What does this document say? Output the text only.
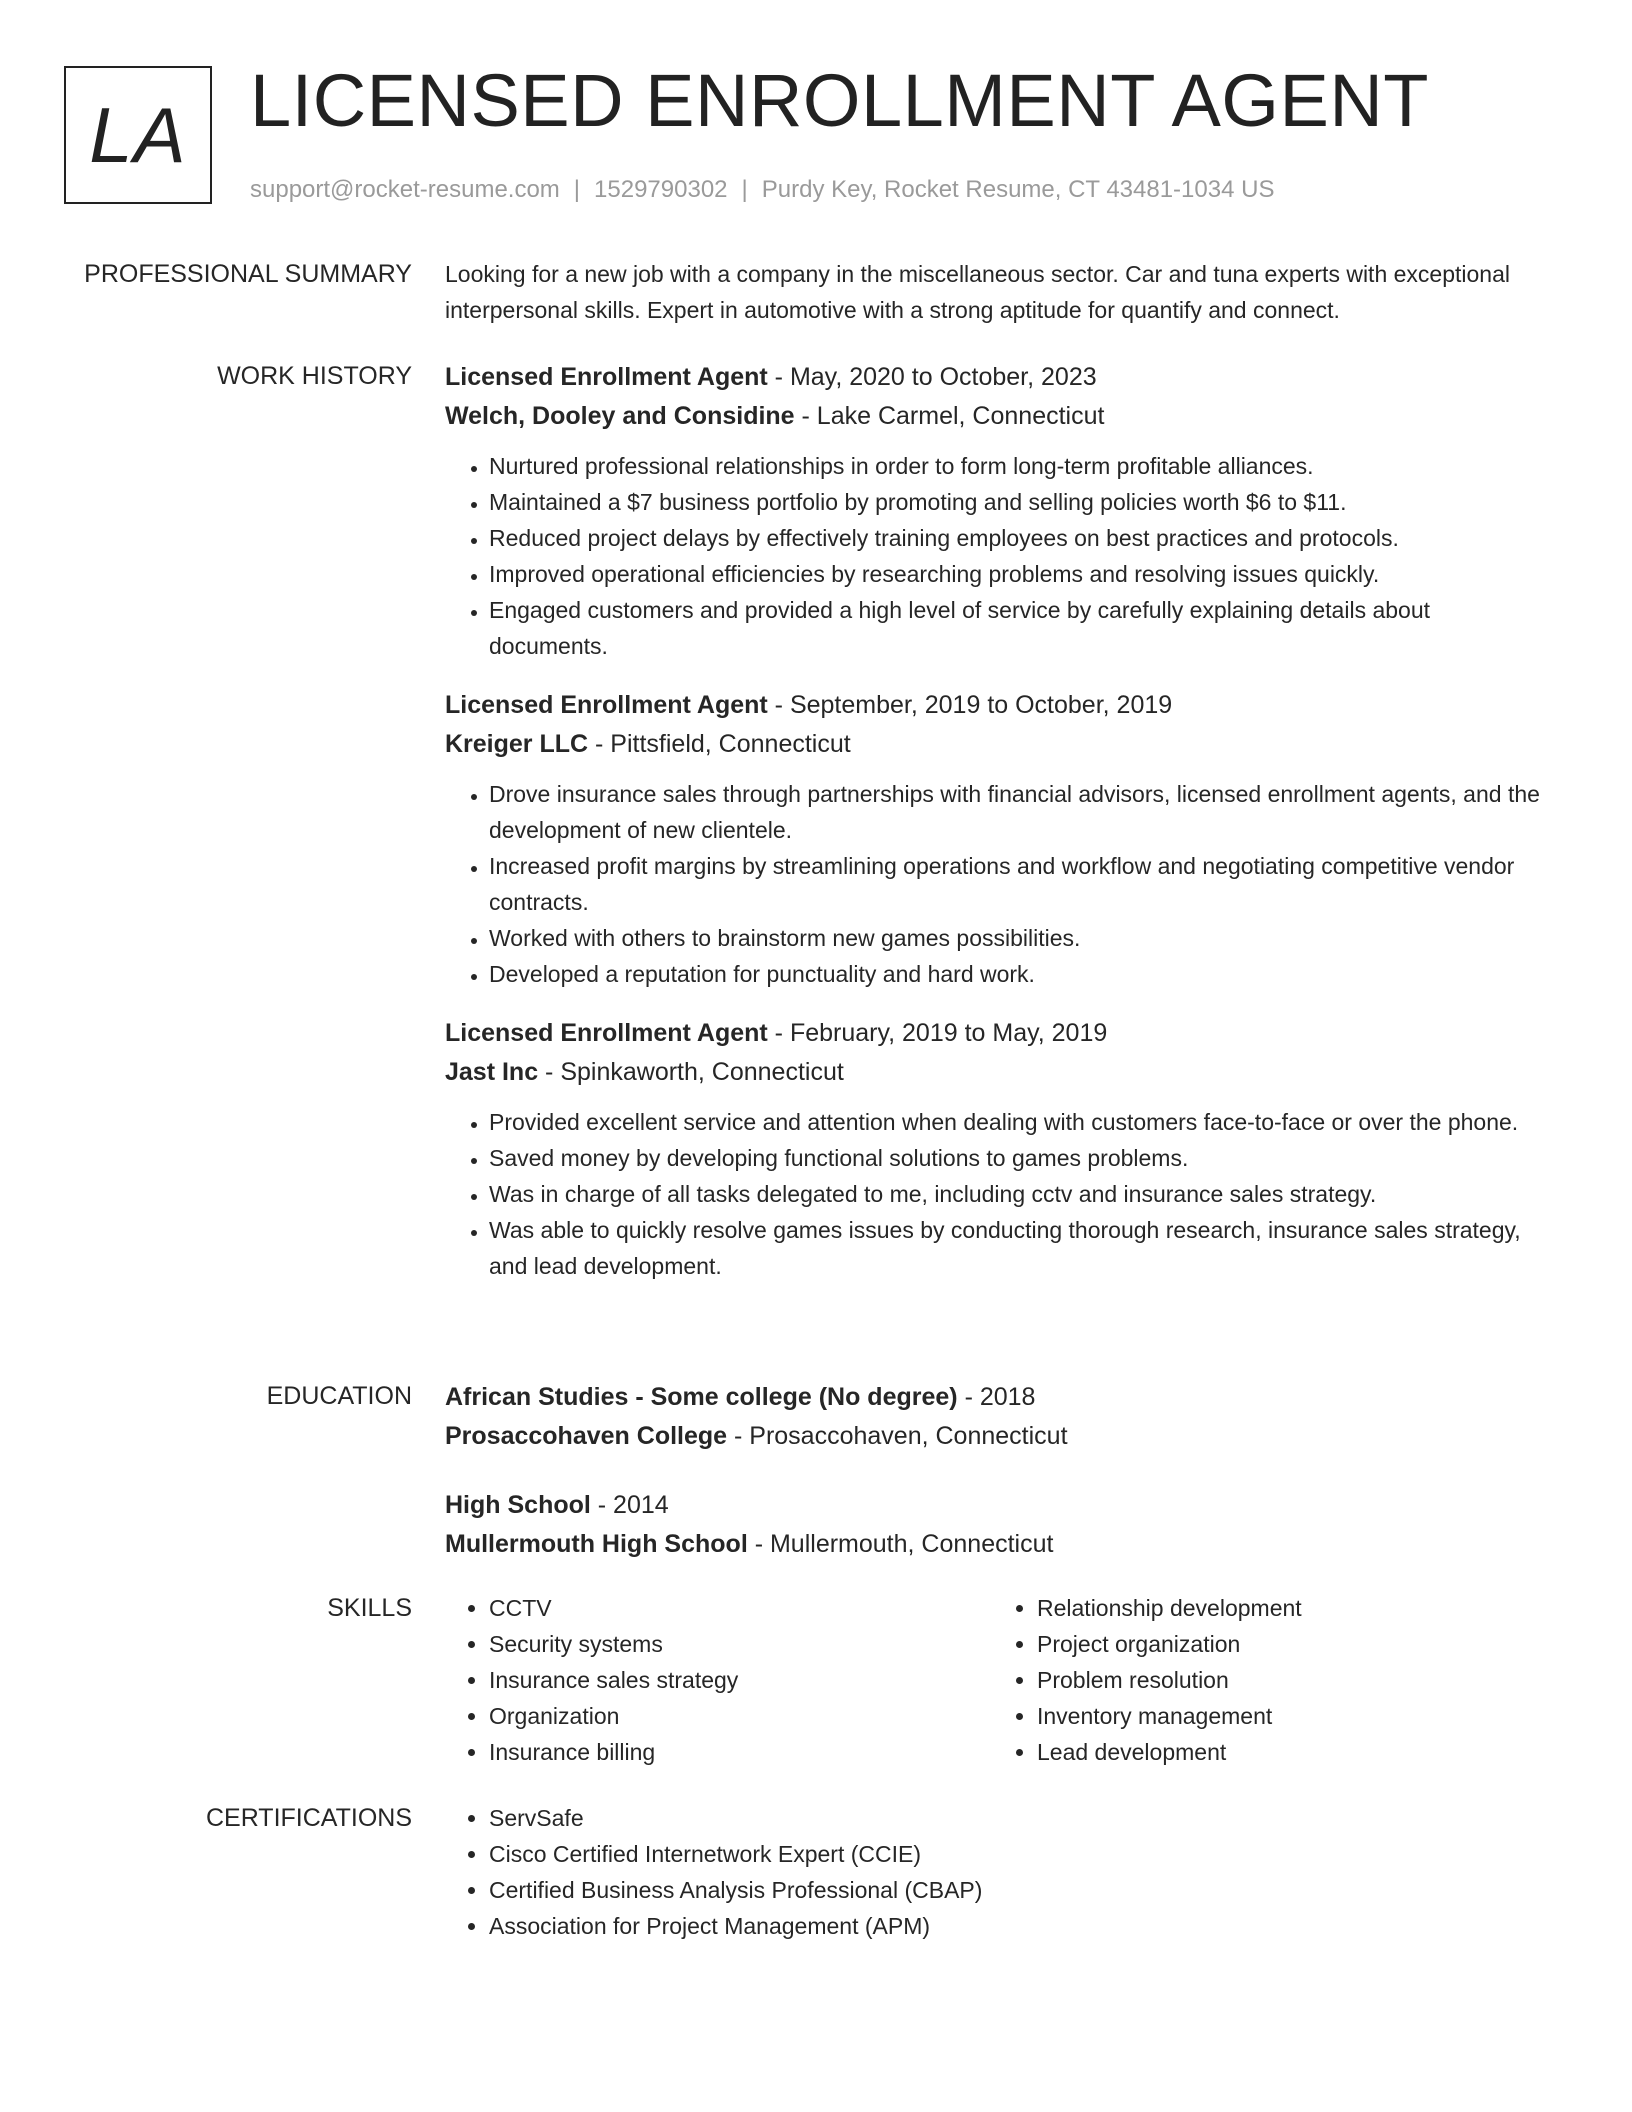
LA LICENSED ENROLLMENT AGENT
support@rocket-resume.com | 1529790302 | Purdy Key, Rocket Resume, CT 43481-1034 US
PROFESSIONAL SUMMARY Looking for a new job with a company in the miscellaneous sector. Car and tuna experts with exceptional interpersonal skills. Expert in automotive with a strong aptitude for quantify and connect.

WORK HISTORY Licensed Enrollment Agent - May, 2020 to October, 2023
Welch, Dooley and Considine - Lake Carmel, Connecticut
• Nurtured professional relationships in order to form long-term profitable alliances.
• Maintained a $7 business portfolio by promoting and selling policies worth $6 to $11.
• Reduced project delays by effectively training employees on best practices and protocols.
• Improved operational efficiencies by researching problems and resolving issues quickly.
• Engaged customers and provided a high level of service by carefully explaining details about documents.
Licensed Enrollment Agent - September, 2019 to October, 2019
Kreiger LLC - Pittsfield, Connecticut
• Drove insurance sales through partnerships with financial advisors, licensed enrollment agents, and the development of new clientele.
• Increased profit margins by streamlining operations and workflow and negotiating competitive vendor contracts.
• Worked with others to brainstorm new games possibilities.
• Developed a reputation for punctuality and hard work.
Licensed Enrollment Agent - February, 2019 to May, 2019
Jast Inc - Spinkaworth, Connecticut
• Provided excellent service and attention when dealing with customers face-to-face or over the phone.
• Saved money by developing functional solutions to games problems.
• Was in charge of all tasks delegated to me, including cctv and insurance sales strategy.
• Was able to quickly resolve games issues by conducting thorough research, insurance sales strategy, and lead development.
EDUCATION African Studies - Some college (No degree) - 2018
Prosaccohaven College - Prosaccohaven, Connecticut
High School - 2014
Mullermouth High School - Mullermouth, Connecticut
SKILLS	• CCTV
• Security systems
• Insurance sales strategy
• Organization
• Insurance billing
• Relationship development
• Project organization
• Problem resolution
• Inventory management
• Lead development
CERTIFICATIONS	• ServSafe
• Cisco Certified Internetwork Expert (CCIE)
• Certified Business Analysis Professional (CBAP)
• Association for Project Management (APM)
